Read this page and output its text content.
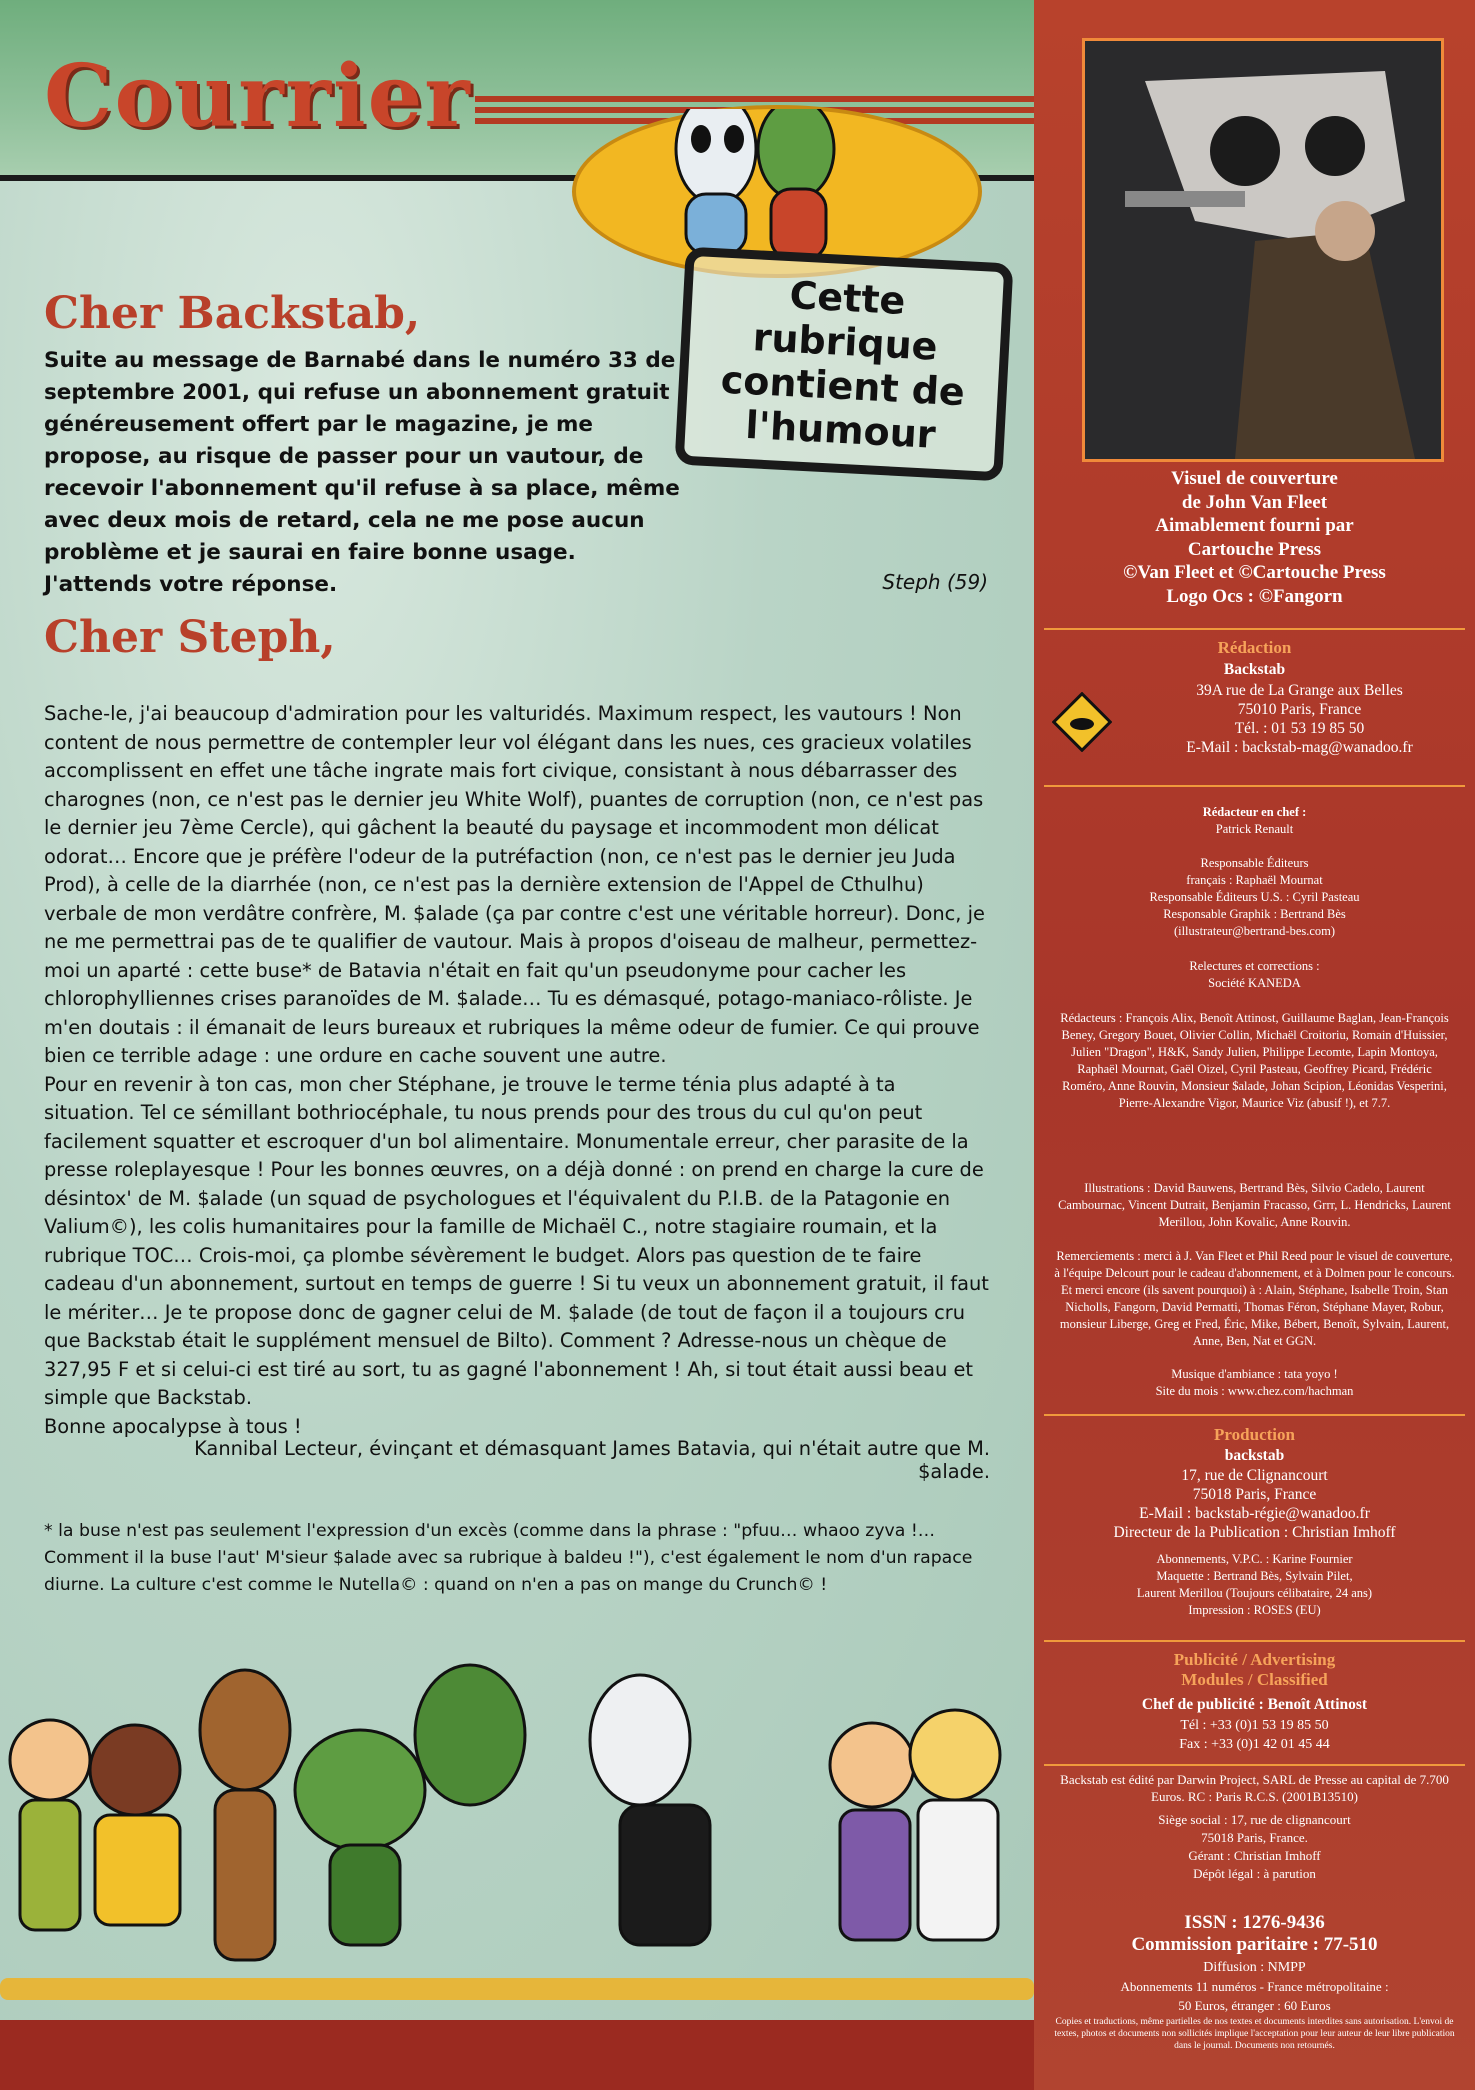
Courrier
Cette
rubrique
contient de
l'humour
Cher Backstab,
Suite au message de Barnabé dans le numéro 33 de septembre 2001, qui refuse un abonnement gratuit généreusement offert par le magazine, je me propose, au risque de passer pour un vautour, de recevoir l'abonnement qu'il refuse à sa place, même avec deux mois de retard, cela ne me pose aucun problème et je saurai en faire bonne usage. J'attends votre réponse.	Steph (59)
Cher Steph,

Sache-le, j'ai beaucoup d'admiration pour les valturidés. Maximum respect, les vautours ! Non content de nous permettre de contempler leur vol élégant dans les nues, ces gracieux volatiles accomplissent en effet une tâche ingrate mais fort civique, consistant à nous débarrasser des charognes (non, ce n'est pas le dernier jeu White Wolf), puantes de corruption (non, ce n'est pas le dernier jeu 7ème Cercle), qui gâchent la beauté du paysage et incommodent mon délicat odorat… Encore que je préfère l'odeur de la putréfaction (non, ce n'est pas le dernier jeu Juda Prod), à celle de la diarrhée (non, ce n'est pas la dernière extension de l'Appel de Cthulhu) verbale de mon verdâtre confrère, M. $alade (ça par contre c'est une véritable horreur). Donc, je ne me permettrai pas de te qualifier de vautour. Mais à propos d'oiseau de malheur, permettez-moi un aparté : cette buse* de Batavia n'était en fait qu'un pseudonyme pour cacher les chlorophylliennes crises paranoïdes de M. $alade… Tu es démasqué, potago-maniaco-rôliste. Je m'en doutais : il émanait de leurs bureaux et rubriques la même odeur de fumier. Ce qui prouve bien ce terrible adage : une ordure en cache souvent une autre.

Pour en revenir à ton cas, mon cher Stéphane, je trouve le terme ténia plus adapté à ta situation. Tel ce sémillant bothriocéphale, tu nous prends pour des trous du cul qu'on peut facilement squatter et escroquer d'un bol alimentaire. Monumentale erreur, cher parasite de la presse roleplayesque ! Pour les bonnes œuvres, on a déjà donné : on prend en charge la cure de désintox' de M. $alade (un squad de psychologues et l'équivalent du P.I.B. de la Patagonie en Valium©), les colis humanitaires pour la famille de Michaël C., notre stagiaire roumain, et la rubrique TOC… Crois-moi, ça plombe sévèrement le budget. Alors pas question de te faire cadeau d'un abonnement, surtout en temps de guerre ! Si tu veux un abonnement gratuit, il faut le mériter… Je te propose donc de gagner celui de M. $alade (de tout de façon il a toujours cru que Backstab était le supplément mensuel de Bilto). Comment ? Adresse-nous un chèque de 327,95 F et si celui-ci est tiré au sort, tu as gagné l'abonnement ! Ah, si tout était aussi beau et simple que Backstab.

Bonne apocalypse à tous !

Kannibal Lecteur, évinçant et démasquant James Batavia, qui n'était autre que M. $alade.
* la buse n'est pas seulement l'expression d'un excès (comme dans la phrase : "pfuu… whaoo zyva !… Comment il la buse l'aut' M'sieur $alade avec sa rubrique à baldeu !"), c'est également le nom d'un rapace diurne. La culture c'est comme le Nutella© : quand on n'en a pas on mange du Crunch© !
Visuel de couverture
de John Van Fleet
Aimablement fourni par
Cartouche Press
©Van Fleet et ©Cartouche Press
Logo Ocs : ©Fangorn
Rédaction
Backstab
39A rue de La Grange aux Belles
75010 Paris, France
Tél. : 01 53 19 85 50
E-Mail : backstab-mag@wanadoo.fr
Rédacteur en chef :
Patrick Renault
Responsable Éditeurs
français : Raphaël Mournat
Responsable Éditeurs U.S. : Cyril Pasteau
Responsable Graphik : Bertrand Bès
(illustrateur@bertrand-bes.com)
Relectures et corrections :
Société KANEDA
Rédacteurs : François Alix, Benoît Attinost, Guillaume Baglan, Jean-François Beney, Gregory Bouet, Olivier Collin, Michaël Croitoriu, Romain d'Huissier, Julien "Dragon", H&K, Sandy Julien, Philippe Lecomte, Lapin Montoya, Raphaël Mournat, Gaël Oizel, Cyril Pasteau, Geoffrey Picard, Frédéric Roméro, Anne Rouvin, Monsieur $alade, Johan Scipion, Léonidas Vesperini, Pierre-Alexandre Vigor, Maurice Viz (abusif !), et 7.7.
Illustrations : David Bauwens, Bertrand Bès, Silvio Cadelo, Laurent Cambournac, Vincent Dutrait, Benjamin Fracasso, Grrr, L. Hendricks, Laurent Merillou, John Kovalic, Anne Rouvin.
Remerciements : merci à J. Van Fleet et Phil Reed pour le visuel de couverture, à l'équipe Delcourt pour le cadeau d'abonnement, et à Dolmen pour le concours. Et merci encore (ils savent pourquoi) à : Alain, Stéphane, Isabelle Troin, Stan Nicholls, Fangorn, David Permatti, Thomas Féron, Stéphane Mayer, Robur, monsieur Liberge, Greg et Fred, Éric, Mike, Bébert, Benoît, Sylvain, Laurent, Anne, Ben, Nat et GGN.
Musique d'ambiance : tata yoyo !
Site du mois : www.chez.com/hachman
Production
backstab
17, rue de Clignancourt
75018 Paris, France
E-Mail : backstab-régie@wanadoo.fr
Directeur de la Publication : Christian Imhoff
Abonnements, V.P.C. : Karine Fournier
Maquette : Bertrand Bès, Sylvain Pilet,
Laurent Merillou (Toujours célibataire, 24 ans)
Impression : ROSES (EU)
Publicité / Advertising
Modules / Classified
Chef de publicité : Benoît Attinost
Tél : +33 (0)1 53 19 85 50
Fax : +33 (0)1 42 01 45 44
Backstab est édité par Darwin Project, SARL de Presse au capital de 7.700 Euros. RC : Paris R.C.S. (2001B13510)
Siège social : 17, rue de clignancourt
75018 Paris, France.
Gérant : Christian Imhoff
Dépôt légal : à parution
ISSN : 1276-9436
Commission paritaire : 77-510
Diffusion : NMPP
Abonnements 11 numéros - France métropolitaine :
50 Euros, étranger : 60 Euros
Copies et traductions, même partielles de nos textes et documents interdites sans autorisation. L'envoi de textes, photos et documents non sollicités implique l'acceptation pour leur auteur de leur libre publication dans le journal. Documents non retournés.
